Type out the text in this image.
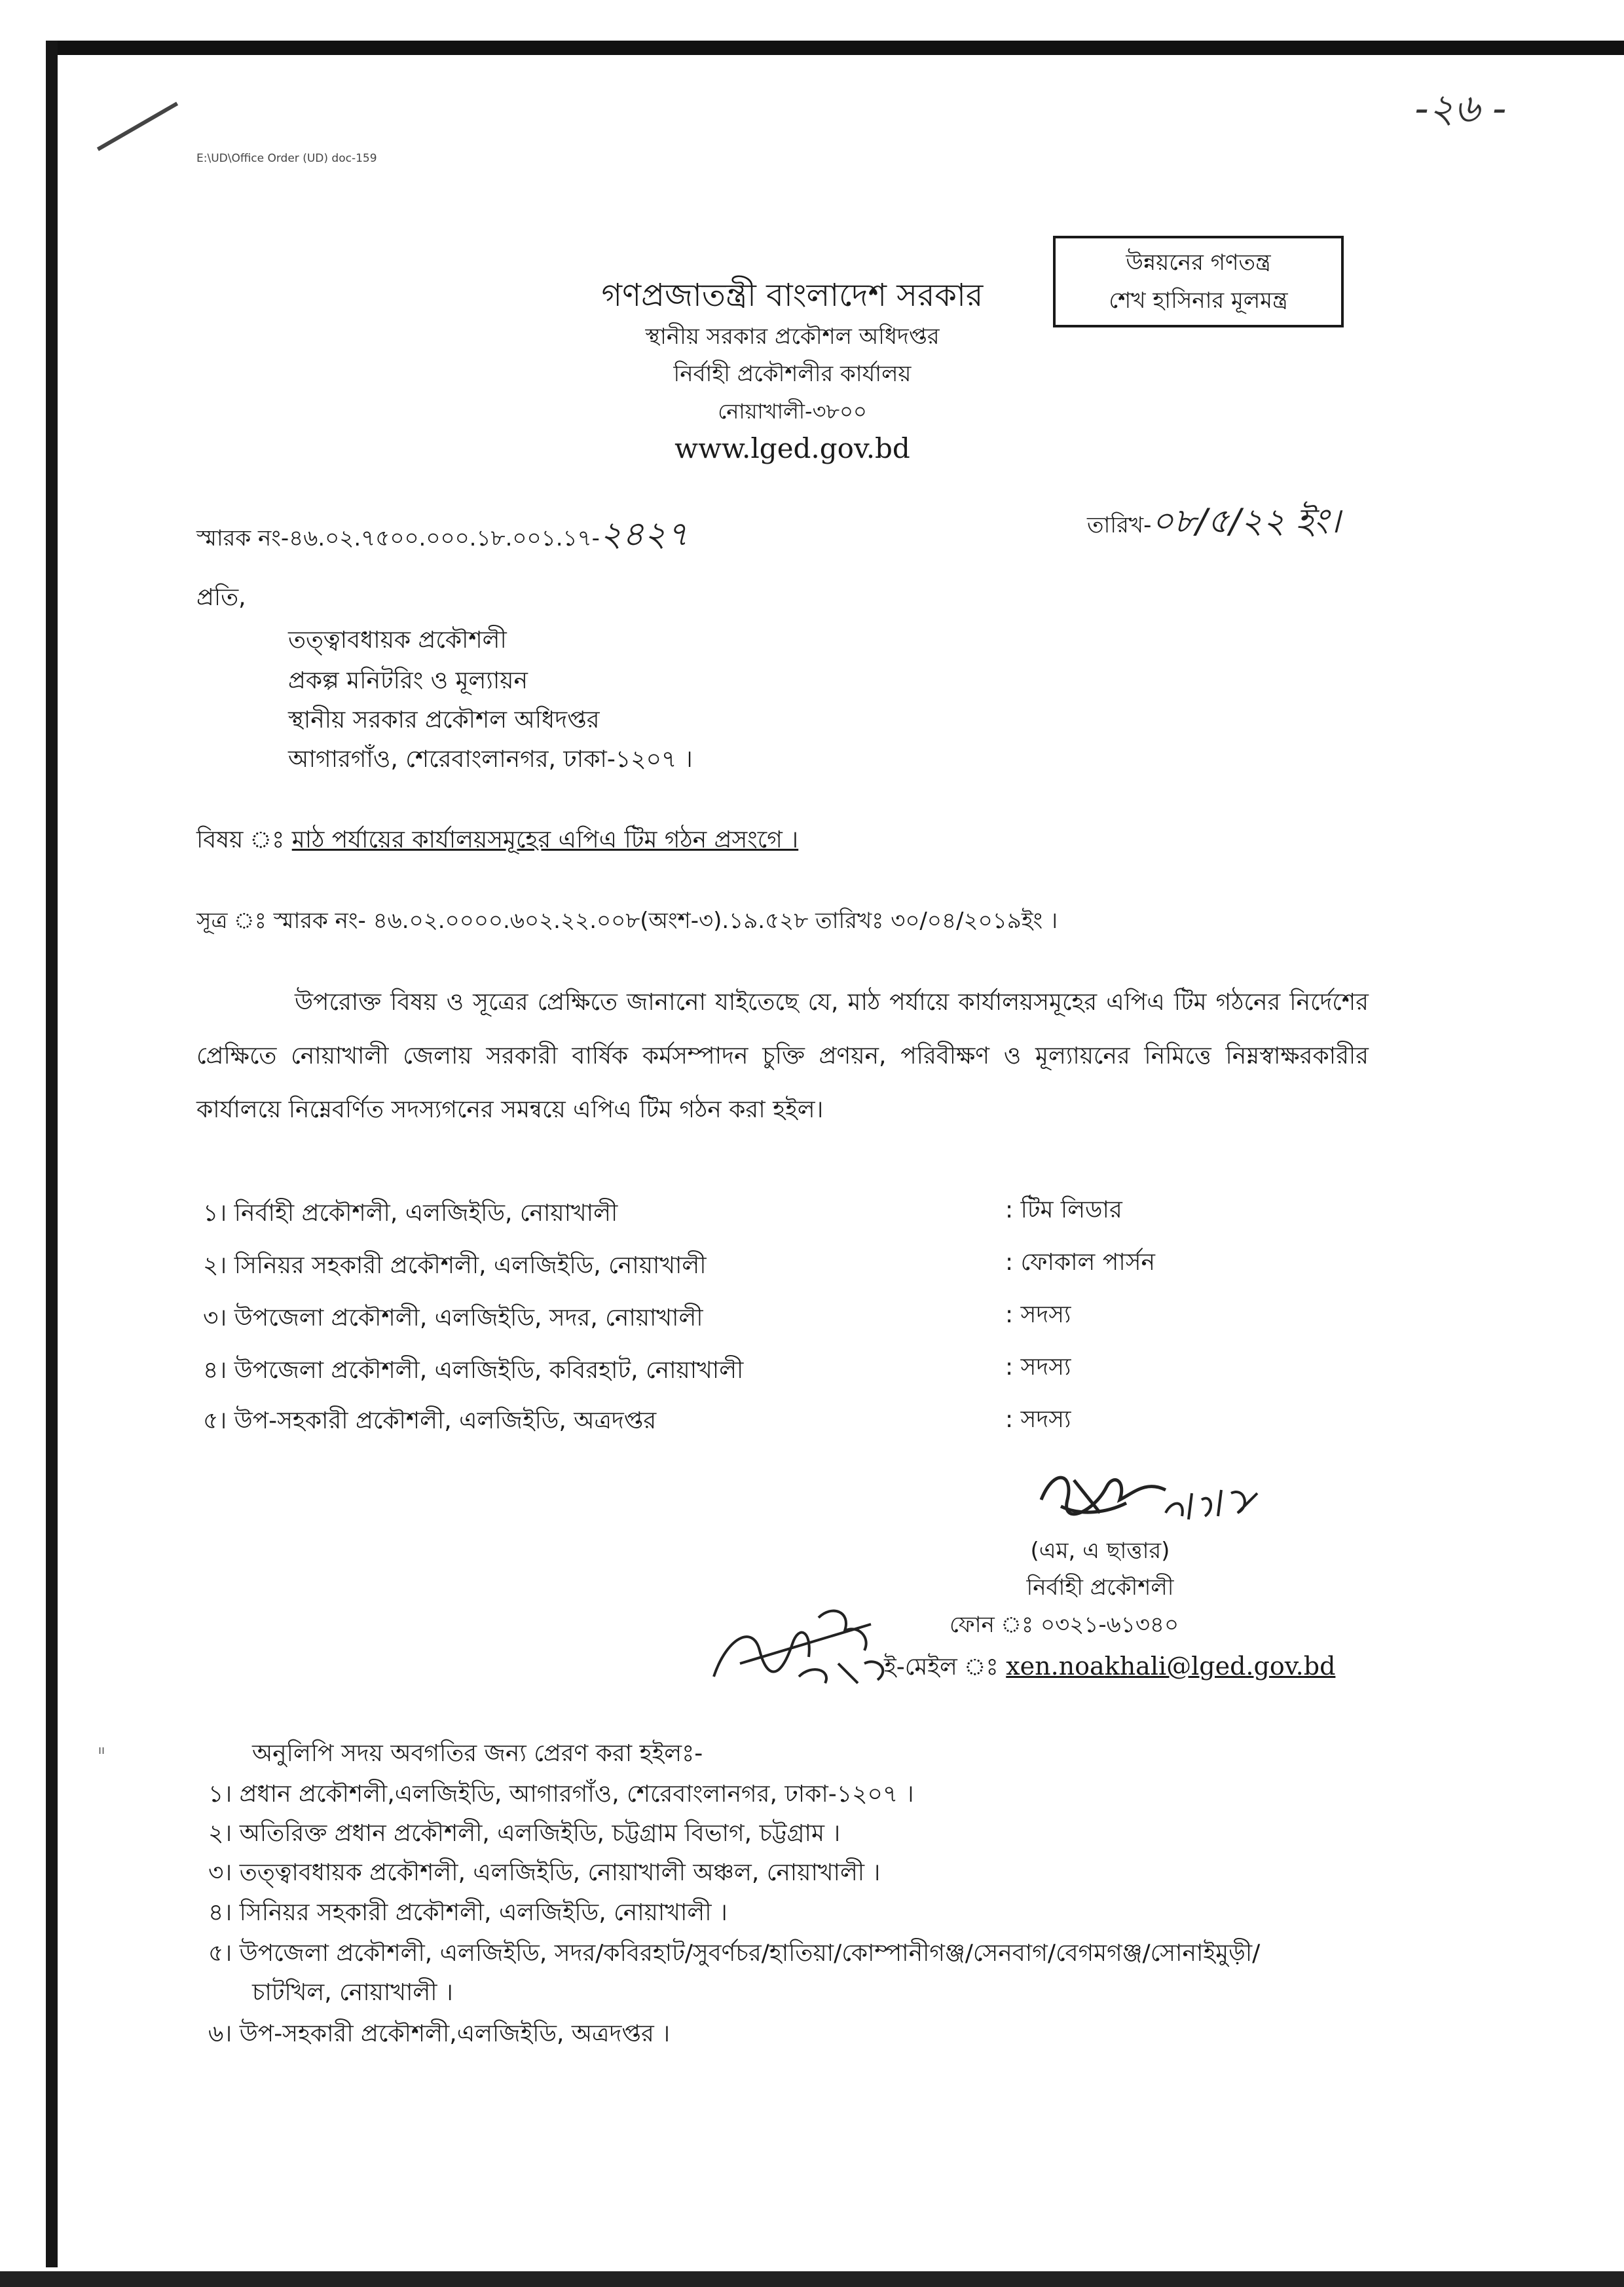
-২৬ -
E:\UD\Office Order (UD) doc-159
উন্নয়নের গণতন্ত্র
শেখ হাসিনার মূলমন্ত্র
গণপ্রজাতন্ত্রী বাংলাদেশ সরকার
স্থানীয় সরকার প্রকৌশল অধিদপ্তর
নির্বাহী প্রকৌশলীর কার্যালয়
নোয়াখালী-৩৮০০
www.lged.gov.bd
স্মারক নং-৪৬.০২.৭৫০০.০০০.১৮.০০১.১৭-২৪২৭	তারিখ-০৮/৫/২২ ইং।
প্রতি,
তত্ত্বাবধায়ক প্রকৌশলী
প্রকল্প মনিটরিং ও মূল্যায়ন
স্থানীয় সরকার প্রকৌশল অধিদপ্তর
আগারগাঁও, শেরেবাংলানগর, ঢাকা-১২০৭ ।
বিষয় ঃ মাঠ পর্যায়ের কার্যালয়সমূহের এপিএ টিম গঠন প্রসংগে ।
সূত্র ঃ স্মারক নং- ৪৬.০২.০০০০.৬০২.২২.০০৮(অংশ-৩).১৯.৫২৮ তারিখঃ ৩০/০৪/২০১৯ইং ।
উপরোক্ত বিষয় ও সূত্রের প্রেক্ষিতে জানানো যাইতেছে যে, মাঠ পর্যায়ে কার্যালয়সমূহের এপিএ টিম গঠনের নির্দেশের প্রেক্ষিতে নোয়াখালী জেলায় সরকারী বার্ষিক কর্মসম্পাদন চুক্তি প্রণয়ন, পরিবীক্ষণ ও মূল্যায়নের নিমিত্তে নিম্নস্বাক্ষরকারীর কার্যালয়ে নিম্নেবর্ণিত সদস্যগনের সমন্বয়ে এপিএ টিম গঠন করা হইল।
১। নির্বাহী প্রকৌশলী, এলজিইডি, নোয়াখালী	: টিম লিডার
২। সিনিয়র সহকারী প্রকৌশলী, এলজিইডি, নোয়াখালী	: ফোকাল পার্সন
৩। উপজেলা প্রকৌশলী, এলজিইডি, সদর, নোয়াখালী	: সদস্য
৪। উপজেলা প্রকৌশলী, এলজিইডি, কবিরহাট, নোয়াখালী	: সদস্য
৫। উপ-সহকারী প্রকৌশলী, এলজিইডি, অত্রদপ্তর	: সদস্য
(এম, এ ছাত্তার)
নির্বাহী প্রকৌশলী
ফোন ঃ ০৩২১-৬১৩৪০
ই-মেইল ঃ xen.noakhali@lged.gov.bd
ıı	অনুলিপি সদয় অবগতির জন্য প্রেরণ করা হইলঃ-
১। প্রধান প্রকৌশলী,এলজিইডি, আগারগাঁও, শেরেবাংলানগর, ঢাকা-১২০৭ ।
২। অতিরিক্ত প্রধান প্রকৌশলী, এলজিইডি, চট্টগ্রাম বিভাগ, চট্টগ্রাম ।
৩। তত্ত্বাবধায়ক প্রকৌশলী, এলজিইডি, নোয়াখালী অঞ্চল, নোয়াখালী ।
৪। সিনিয়র সহকারী প্রকৌশলী, এলজিইডি, নোয়াখালী ।
৫। উপজেলা প্রকৌশলী, এলজিইডি, সদর/কবিরহাট/সুবর্ণচর/হাতিয়া/কোম্পানীগঞ্জ/সেনবাগ/বেগমগঞ্জ/সোনাইমুড়ী/
চাটখিল, নোয়াখালী ।
৬। উপ-সহকারী প্রকৌশলী,এলজিইডি, অত্রদপ্তর ।
